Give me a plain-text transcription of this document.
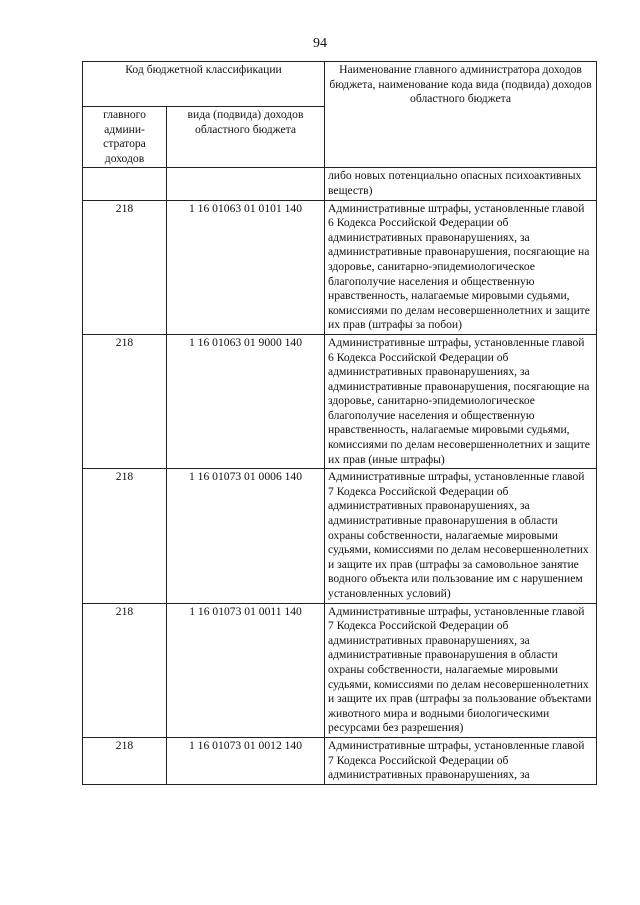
94
Код бюджетной классификации		Наименование главного администратора доходов бюджета, наименование кода вида (подвида) доходов областного бюджета
главного админи-стратора доходов	вида (подвида) доходов областного бюджета	
		либо новых потенциально опасных психоактивных веществ)
218	1 16 01063 01 0101 140	Административные штрафы, установленные главой 6 Кодекса Российской Федерации об административных правонарушениях, за административные правонарушения, посягающие на здоровье, санитарно-эпидемиологическое благополучие населения и общественную нравственность, налагаемые мировыми судьями, комиссиями по делам несовершеннолетних и защите их прав (штрафы за побои)
218	1 16 01063 01 9000 140	Административные штрафы, установленные главой 6 Кодекса Российской Федерации об административных правонарушениях, за административные правонарушения, посягающие на здоровье, санитарно-эпидемиологическое благополучие населения и общественную нравственность, налагаемые мировыми судьями, комиссиями по делам несовершеннолетних и защите их прав (иные штрафы)
218	1 16 01073 01 0006 140	Административные штрафы, установленные главой 7 Кодекса Российской Федерации об административных правонарушениях, за административные правонарушения в области охраны собственности, налагаемые мировыми судьями, комиссиями по делам несовершеннолетних и защите их прав (штрафы за самовольное занятие водного объекта или пользование им с нарушением установленных условий)
218	1 16 01073 01 0011 140	Административные штрафы, установленные главой 7 Кодекса Российской Федерации об административных правонарушениях, за административные правонарушения в области охраны собственности, налагаемые мировыми судьями, комиссиями по делам несовершеннолетних и защите их прав (штрафы за пользование объектами животного мира и водными биологическими ресурсами без разрешения)
218	1 16 01073 01 0012 140	Административные штрафы, установленные главой 7 Кодекса Российской Федерации об административных правонарушениях, за
